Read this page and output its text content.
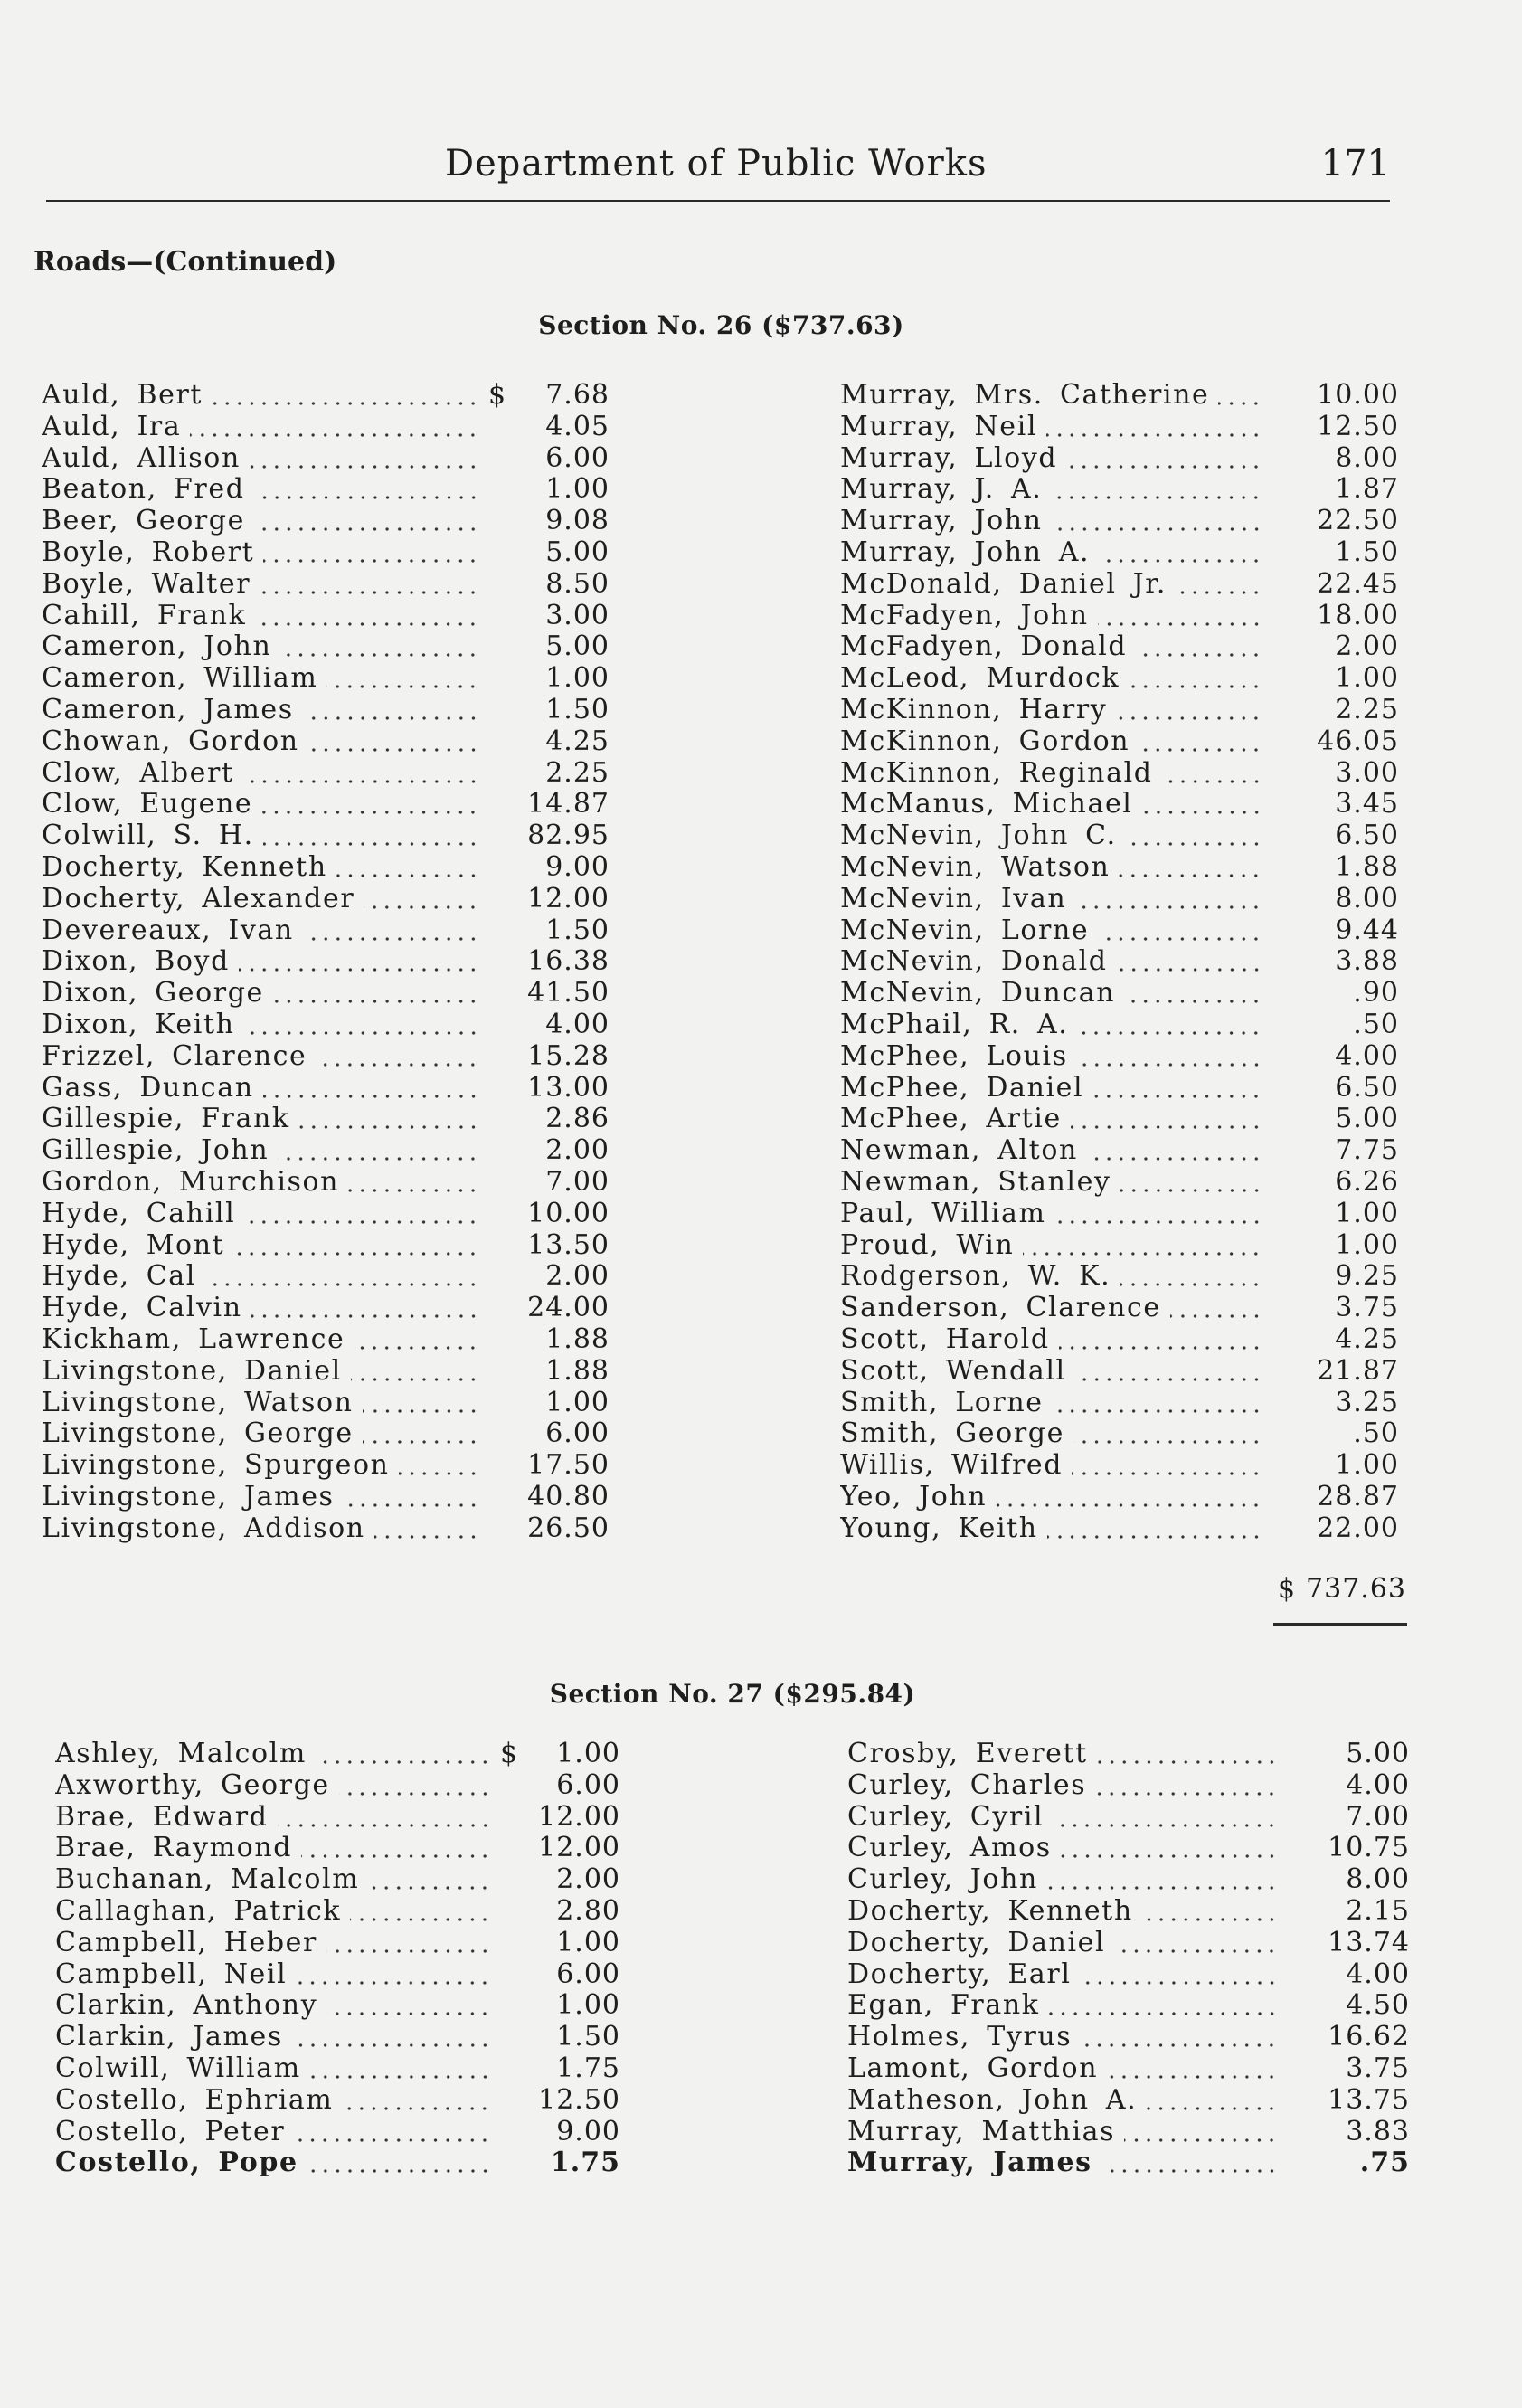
Department of Public Works	171
Roads—(Continued)
Section No. 26 ($737.63)
Auld, Bert	$	7.68
Auld, Ira	4.05
Auld, Allison	6.00
Beaton, Fred	1.00
Beer, George	9.08
Boyle, Robert	5.00
Boyle, Walter	8.50
Cahill, Frank	3.00
Cameron, John	5.00
Cameron, William	1.00
Cameron, James	1.50
Chowan, Gordon	4.25
Clow, Albert	2.25
Clow, Eugene	14.87
Colwill, S. H.	82.95
Docherty, Kenneth	9.00
Docherty, Alexander	12.00
Devereaux, Ivan	1.50
Dixon, Boyd	16.38
Dixon, George	41.50
Dixon, Keith	4.00
Frizzel, Clarence	15.28
Gass, Duncan	13.00
Gillespie, Frank	2.86
Gillespie, John	2.00
Gordon, Murchison	7.00
Hyde, Cahill	10.00
Hyde, Mont	13.50
Hyde, Cal	2.00
Hyde, Calvin	24.00
Kickham, Lawrence	1.88
Livingstone, Daniel	1.88
Livingstone, Watson	1.00
Livingstone, George	6.00
Livingstone, Spurgeon	17.50
Livingstone, James	40.80
Livingstone, Addison	26.50
Murray, Mrs. Catherine	10.00
Murray, Neil	12.50
Murray, Lloyd	8.00
Murray, J. A.	1.87
Murray, John	22.50
Murray, John A.	1.50
McDonald, Daniel Jr.	22.45
McFadyen, John	18.00
McFadyen, Donald	2.00
McLeod, Murdock	1.00
McKinnon, Harry	2.25
McKinnon, Gordon	46.05
McKinnon, Reginald	3.00
McManus, Michael	3.45
McNevin, John C.	6.50
McNevin, Watson	1.88
McNevin, Ivan	8.00
McNevin, Lorne	9.44
McNevin, Donald	3.88
McNevin, Duncan	.90
McPhail, R. A.	.50
McPhee, Louis	4.00
McPhee, Daniel	6.50
McPhee, Artie	5.00
Newman, Alton	7.75
Newman, Stanley	6.26
Paul, William	1.00
Proud, Win	1.00
Rodgerson, W. K.	9.25
Sanderson, Clarence	3.75
Scott, Harold	4.25
Scott, Wendall	21.87
Smith, Lorne	3.25
Smith, George	.50
Willis, Wilfred	1.00
Yeo, John	28.87
Young, Keith	22.00
$ 737.63
Section No. 27 ($295.84)
Ashley, Malcolm	$	1.00
Axworthy, George	6.00
Brae, Edward	12.00
Brae, Raymond	12.00
Buchanan, Malcolm	2.00
Callaghan, Patrick	2.80
Campbell, Heber	1.00
Campbell, Neil	6.00
Clarkin, Anthony	1.00
Clarkin, James	1.50
Colwill, William	1.75
Costello, Ephriam	12.50
Costello, Peter	9.00
Costello, Pope	1.75
Crosby, Everett	5.00
Curley, Charles	4.00
Curley, Cyril	7.00
Curley, Amos	10.75
Curley, John	8.00
Docherty, Kenneth	2.15
Docherty, Daniel	13.74
Docherty, Earl	4.00
Egan, Frank	4.50
Holmes, Tyrus	16.62
Lamont, Gordon	3.75
Matheson, John A.	13.75
Murray, Matthias	3.83
Murray, James	.75
